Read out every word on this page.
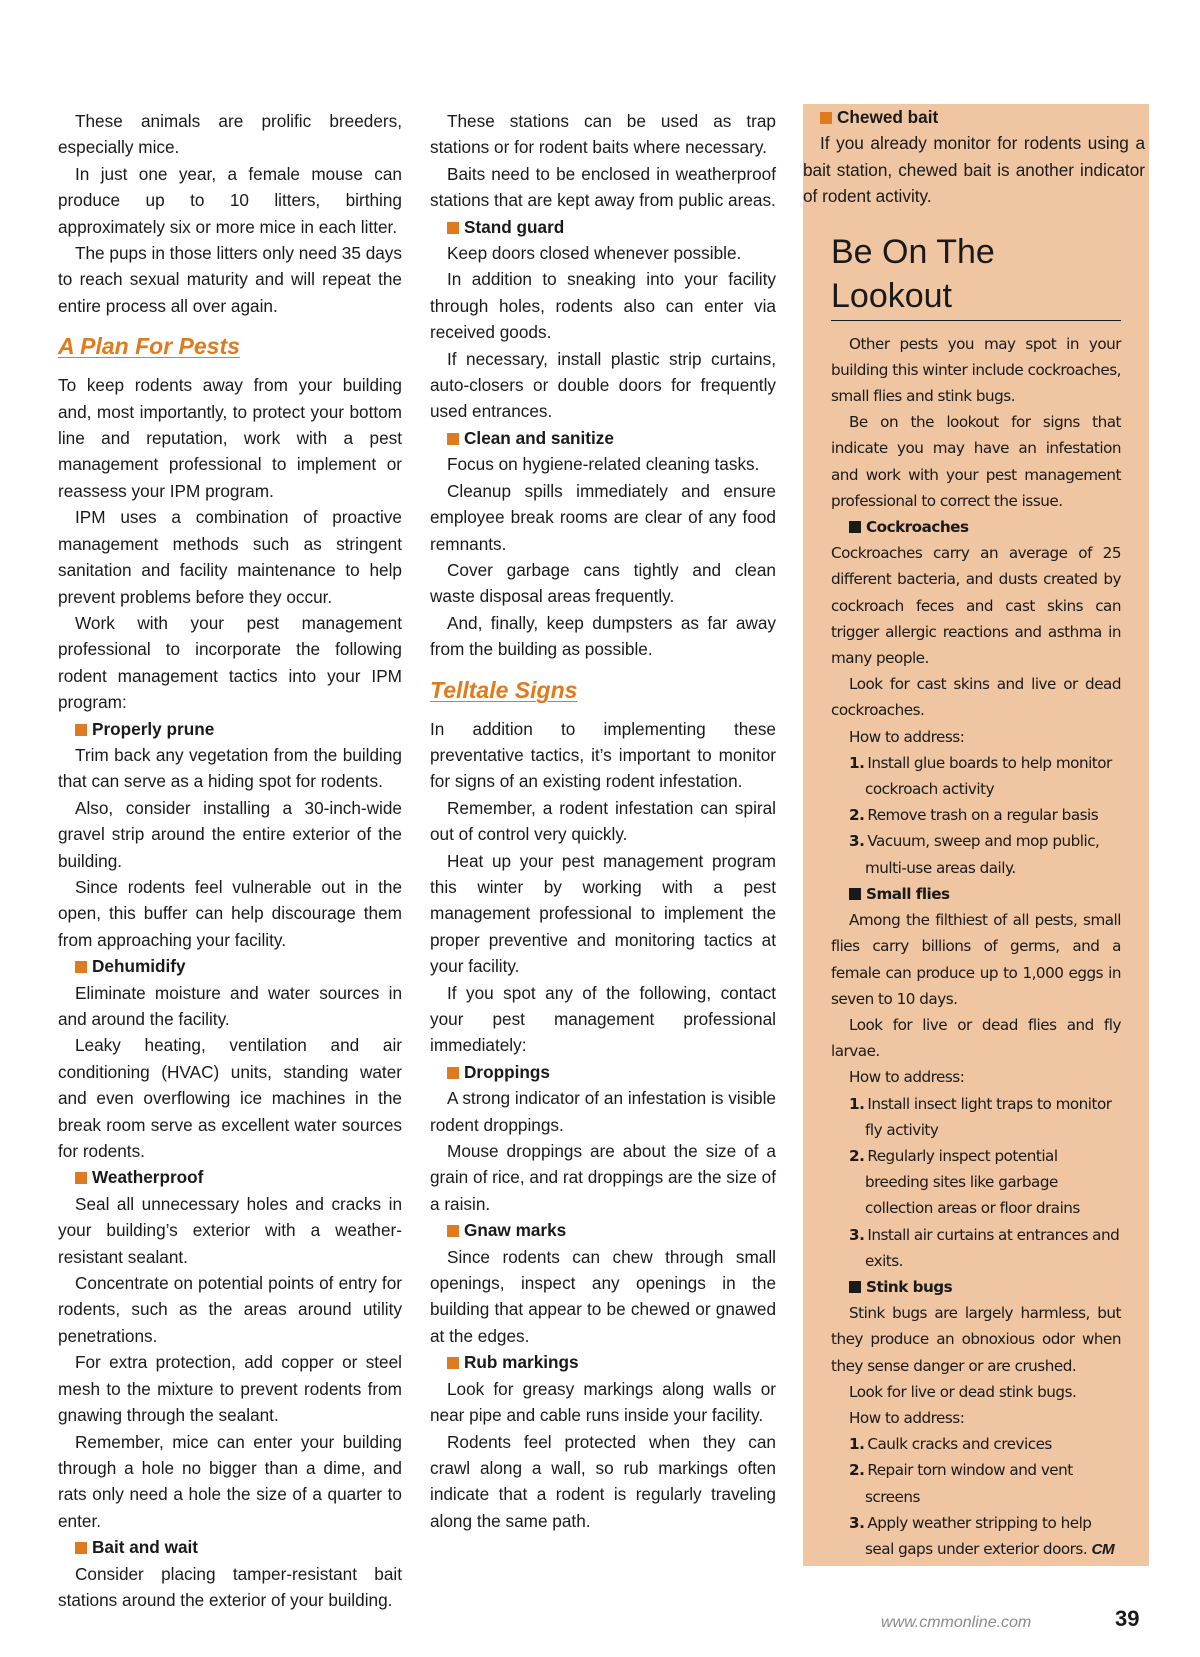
These animals are prolific breeders, especially mice.

In just one year, a female mouse can produce up to 10 litters, birthing approximately six or more mice in each litter.

The pups in those litters only need 35 days to reach sexual maturity and will repeat the entire process all over again.

A Plan For Pests

To keep rodents away from your building and, most importantly, to protect your bottom line and reputation, work with a pest management professional to implement or reassess your IPM program.

IPM uses a combination of proactive management methods such as stringent sanitation and facility maintenance to help prevent problems before they occur.

Work with your pest management professional to incorporate the following rodent management tactics into your IPM program:

Properly prune

Trim back any vegetation from the building that can serve as a hiding spot for rodents.

Also, consider installing a 30-inch-wide gravel strip around the entire exterior of the building.

Since rodents feel vulnerable out in the open, this buffer can help discourage them from approaching your facility.

Dehumidify

Eliminate moisture and water sources in and around the facility.

Leaky heating, ventilation and air conditioning (HVAC) units, standing water and even overflowing ice machines in the break room serve as excellent water sources for rodents.

Weatherproof

Seal all unnecessary holes and cracks in your building’s exterior with a weather-resistant sealant.

Concentrate on potential points of entry for rodents, such as the areas around utility penetrations.

For extra protection, add copper or steel mesh to the mixture to prevent rodents from gnawing through the sealant.

Remember, mice can enter your building through a hole no bigger than a dime, and rats only need a hole the size of a quarter to enter.

Bait and wait

Consider placing tamper-resistant bait stations around the exterior of your building.

These stations can be used as trap stations or for rodent baits where necessary.

Baits need to be enclosed in weatherproof stations that are kept away from public areas.

Stand guard

Keep doors closed whenever possible.

In addition to sneaking into your facility through holes, rodents also can enter via received goods.

If necessary, install plastic strip curtains, auto-closers or double doors for frequently used entrances.

Clean and sanitize

Focus on hygiene-related cleaning tasks.

Cleanup spills immediately and ensure employee break rooms are clear of any food remnants.

Cover garbage cans tightly and clean waste disposal areas frequently.

And, finally, keep dumpsters as far away from the building as possible.

Telltale Signs

In addition to implementing these preventative tactics, it’s important to monitor for signs of an existing rodent infestation.

Remember, a rodent infestation can spiral out of control very quickly.

Heat up your pest management program this winter by working with a pest management professional to implement the proper preventive and monitoring tactics at your facility.

If you spot any of the following, contact your pest management professional immediately:

Droppings

A strong indicator of an infestation is visible rodent droppings.

Mouse droppings are about the size of a grain of rice, and rat droppings are the size of a raisin.

Gnaw marks

Since rodents can chew through small openings, inspect any openings in the building that appear to be chewed or gnawed at the edges.

Rub markings

Look for greasy markings along walls or near pipe and cable runs inside your facility.

Rodents feel protected when they can crawl along a wall, so rub markings often indicate that a rodent is regularly traveling along the same path.

Chewed bait

If you already monitor for rodents using a bait station, chewed bait is another indicator of rodent activity.

Be On The Lookout

Other pests you may spot in your building this winter include cockroaches, small flies and stink bugs.

Be on the lookout for signs that indicate you may have an infestation and work with your pest management professional to correct the issue.

Cockroaches

Cockroaches carry an average of 25 different bacteria, and dusts created by cockroach feces and cast skins can trigger allergic reactions and asthma in many people.

Look for cast skins and live or dead cockroaches.

How to address:

1. Install glue boards to help monitor cockroach activity
2. Remove trash on a regular basis
3. Vacuum, sweep and mop public, multi-use areas daily.
Small flies

Among the filthiest of all pests, small flies carry billions of germs, and a female can produce up to 1,000 eggs in seven to 10 days.

Look for live or dead flies and fly larvae.

How to address:

1. Install insect light traps to monitor fly activity
2. Regularly inspect potential breeding sites like garbage collection areas or floor drains
3. Install air curtains at entrances and exits.
Stink bugs

Stink bugs are largely harmless, but they produce an obnoxious odor when they sense danger or are crushed.

Look for live or dead stink bugs.

How to address:

1. Caulk cracks and crevices
2. Repair torn window and vent screens
3. Apply weather stripping to help seal gaps under exterior doors. CM
www.cmmonline.com	39
